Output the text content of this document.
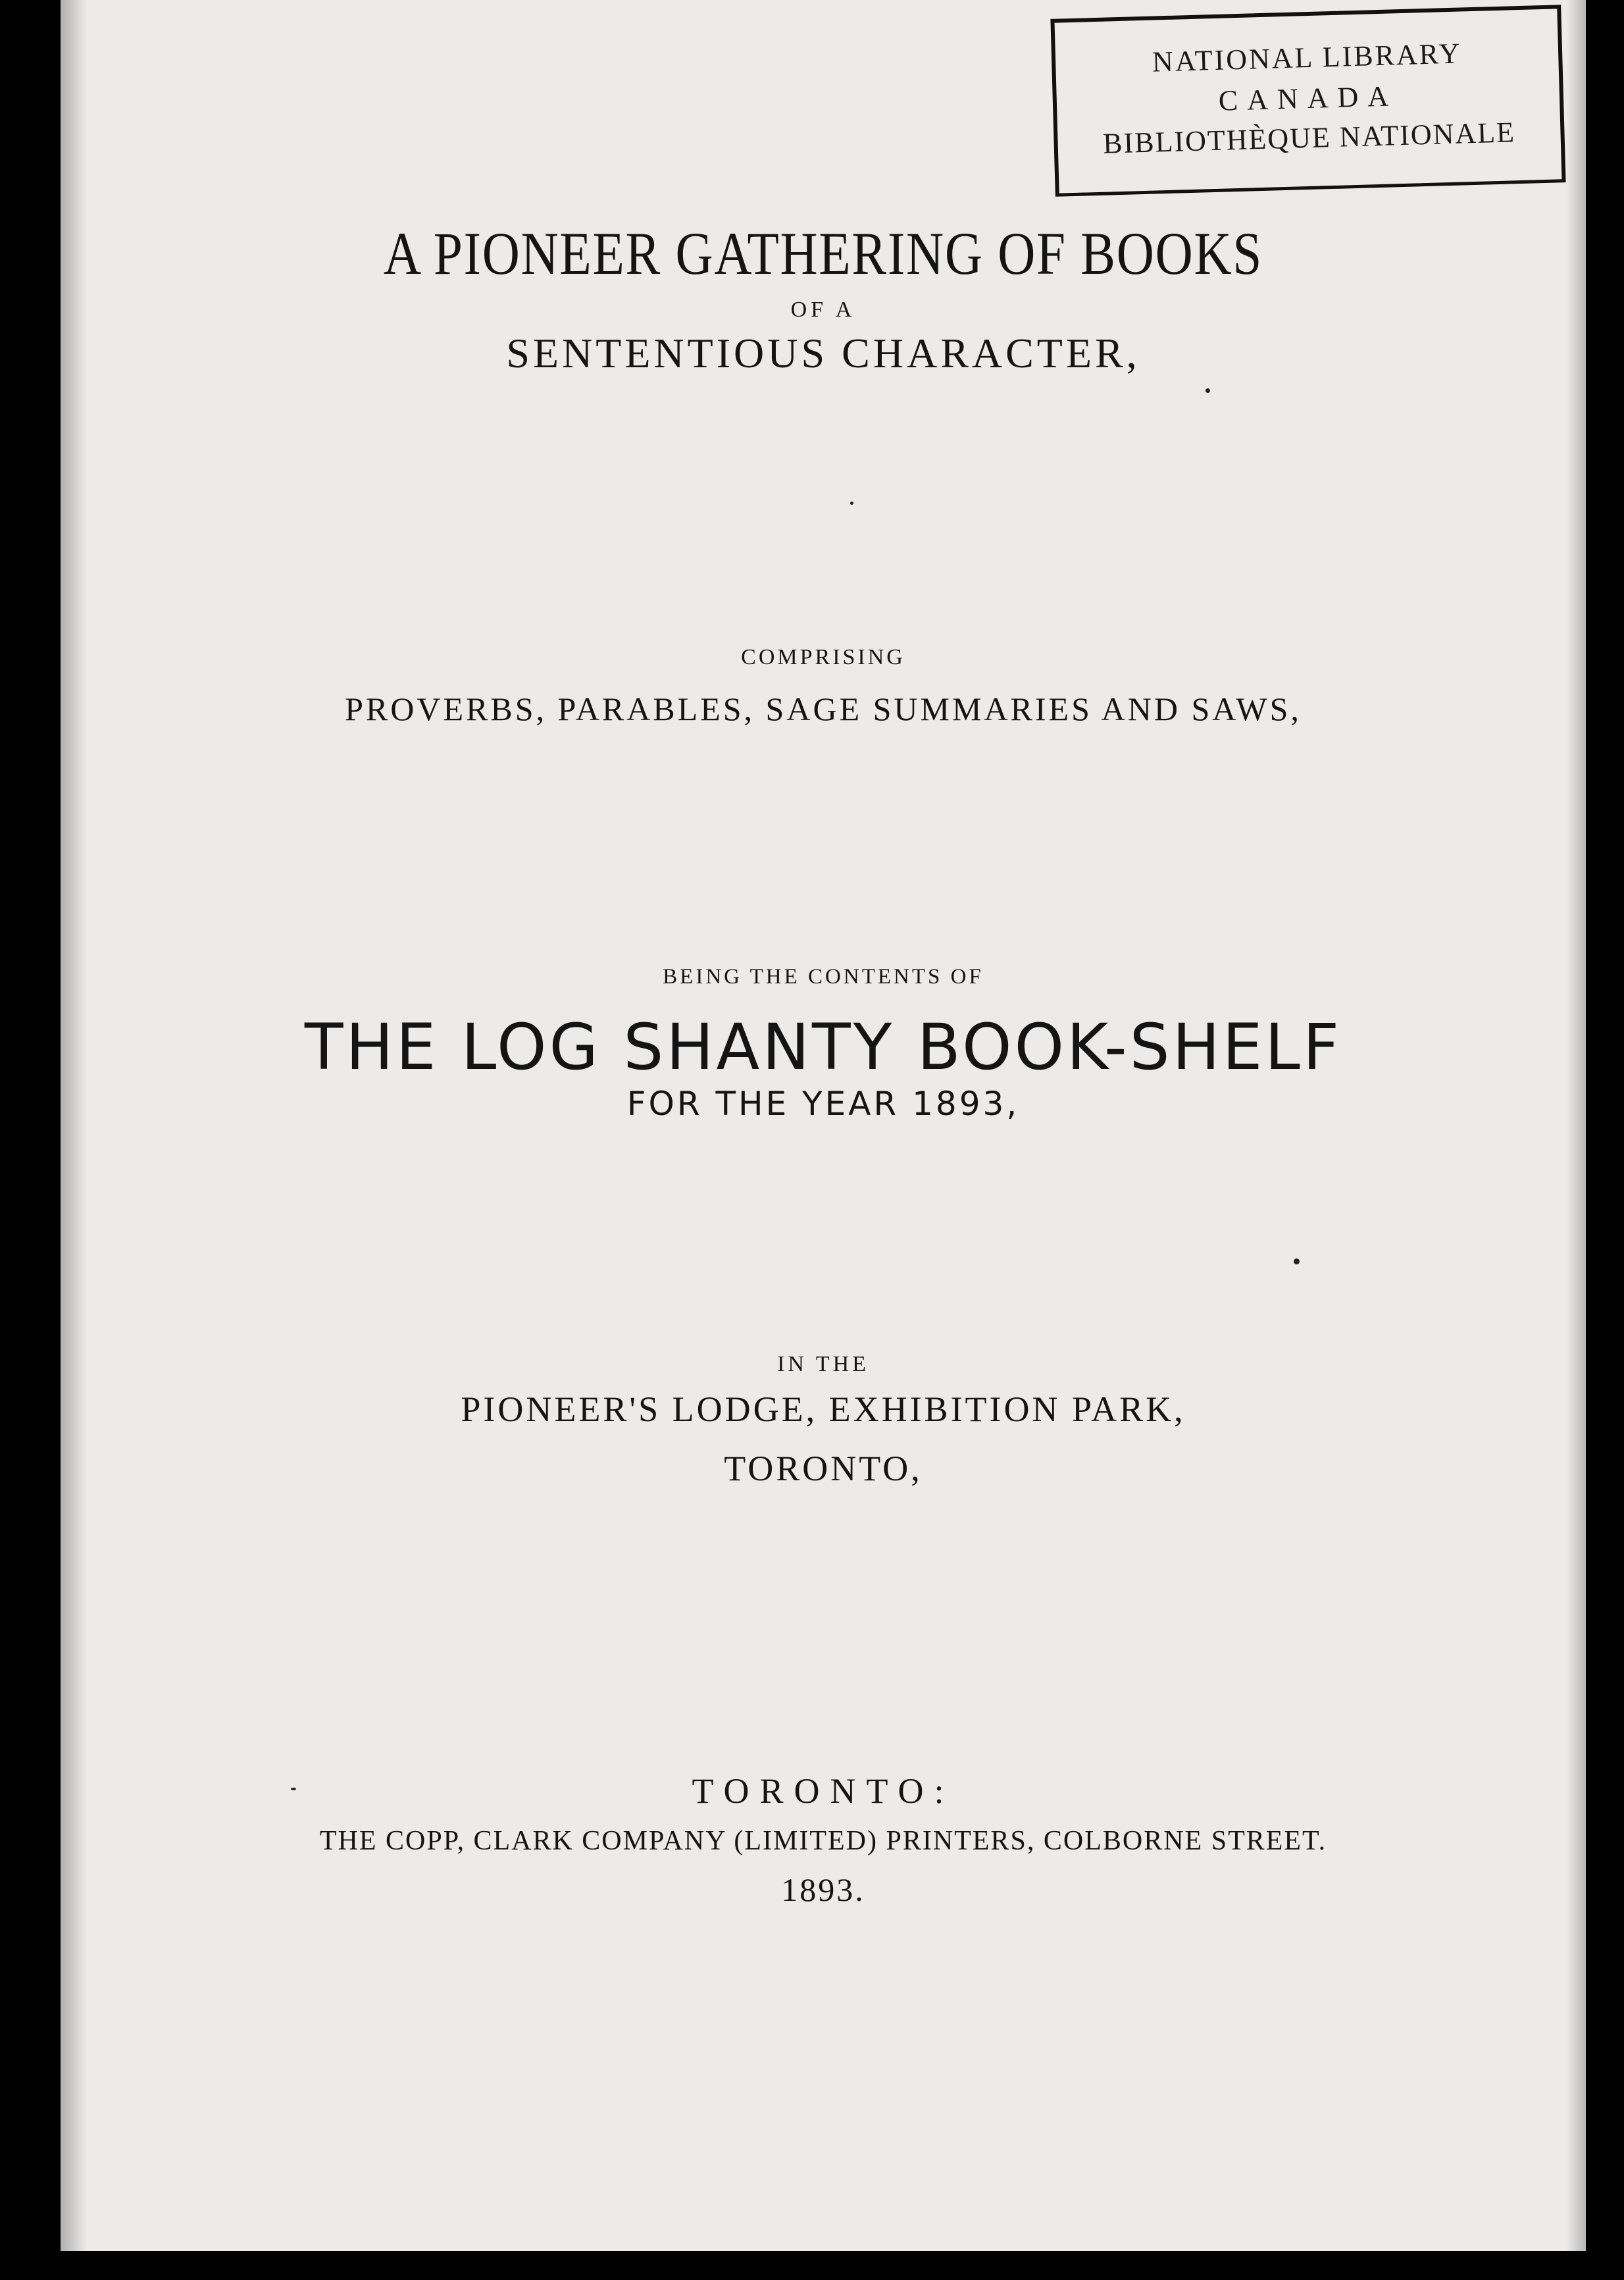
NATIONAL LIBRARY
CANADA
BIBLIOTHÈQUE NATIONALE
A PIONEER GATHERING OF BOOKS
OF A
SENTENTIOUS CHARACTER,
COMPRISING
PROVERBS, PARABLES, SAGE SUMMARIES AND SAWS,
BEING THE CONTENTS OF
THE LOG SHANTY BOOK-SHELF
FOR THE YEAR 1893,
IN THE
PIONEER'S LODGE, EXHIBITION PARK,
TORONTO,
TORONTO:
THE COPP, CLARK COMPANY (LIMITED) PRINTERS, COLBORNE STREET.
1893.
